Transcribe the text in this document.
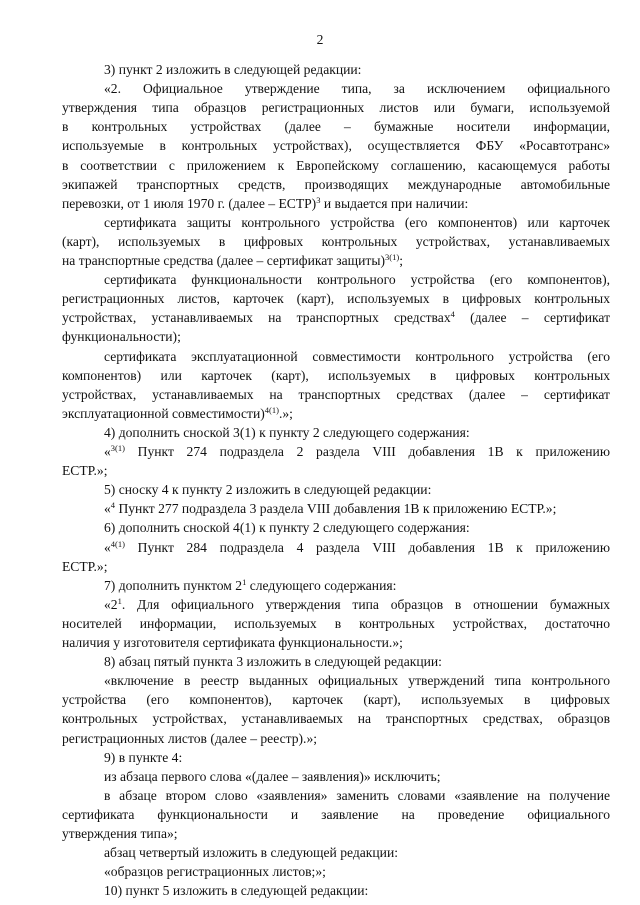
2
3) пункт 2 изложить в следующей редакции:
«2. Официальное утверждение типа, за исключением официального
утверждения типа образцов регистрационных листов или бумаги, используемой
в контрольных устройствах (далее – бумажные носители информации,
используемые в контрольных устройствах), осуществляется ФБУ «Росавтотранс»
в соответствии с приложением к Европейскому соглашению, касающемуся работы
экипажей транспортных средств, производящих международные автомобильные
перевозки, от 1 июля 1970 г. (далее – ЕСТР)$^3$ и выдается при наличии:
сертификата защиты контрольного устройства (его компонентов) или карточек
(карт), используемых в цифровых контрольных устройствах, устанавливаемых
на транспортные средства (далее – сертификат защиты)$^{3(1)}$;
сертификата функциональности контрольного устройства (его компонентов),
регистрационных листов, карточек (карт), используемых в цифровых контрольных
устройствах, устанавливаемых на транспортных средствах$^4$ (далее – сертификат
функциональности);
сертификата эксплуатационной совместимости контрольного устройства (его
компонентов) или карточек (карт), используемых в цифровых контрольных
устройствах, устанавливаемых на транспортных средствах (далее – сертификат
эксплуатационной совместимости)$^{4(1)}$.»;
4) дополнить сноской 3(1) к пункту 2 следующего содержания:
«$^{3(1)}$ Пункт 274 подраздела 2 раздела VIII добавления 1B к приложению
ЕСТР.»;
5) сноску 4 к пункту 2 изложить в следующей редакции:
«$^4$ Пункт 277 подраздела 3 раздела VIII добавления 1B к приложению ЕСТР.»;
6) дополнить сноской 4(1) к пункту 2 следующего содержания:
«$^{4(1)}$ Пункт 284 подраздела 4 раздела VIII добавления 1B к приложению
ЕСТР.»;
7) дополнить пунктом $2^1$ следующего содержания:
«$2^1$. Для официального утверждения типа образцов в отношении бумажных
носителей информации, используемых в контрольных устройствах, достаточно
наличия у изготовителя сертификата функциональности.»;
8) абзац пятый пункта 3 изложить в следующей редакции:
«включение в реестр выданных официальных утверждений типа контрольного
устройства (его компонентов), карточек (карт), используемых в цифровых
контрольных устройствах, устанавливаемых на транспортных средствах, образцов
регистрационных листов (далее – реестр).»;
9) в пункте 4:
из абзаца первого слова «(далее – заявления)» исключить;
в абзаце втором слово «заявления» заменить словами «заявление на получение
сертификата функциональности и заявление на проведение официального
утверждения типа»;
абзац четвертый изложить в следующей редакции:
«образцов регистрационных листов;»;
10) пункт 5 изложить в следующей редакции:
